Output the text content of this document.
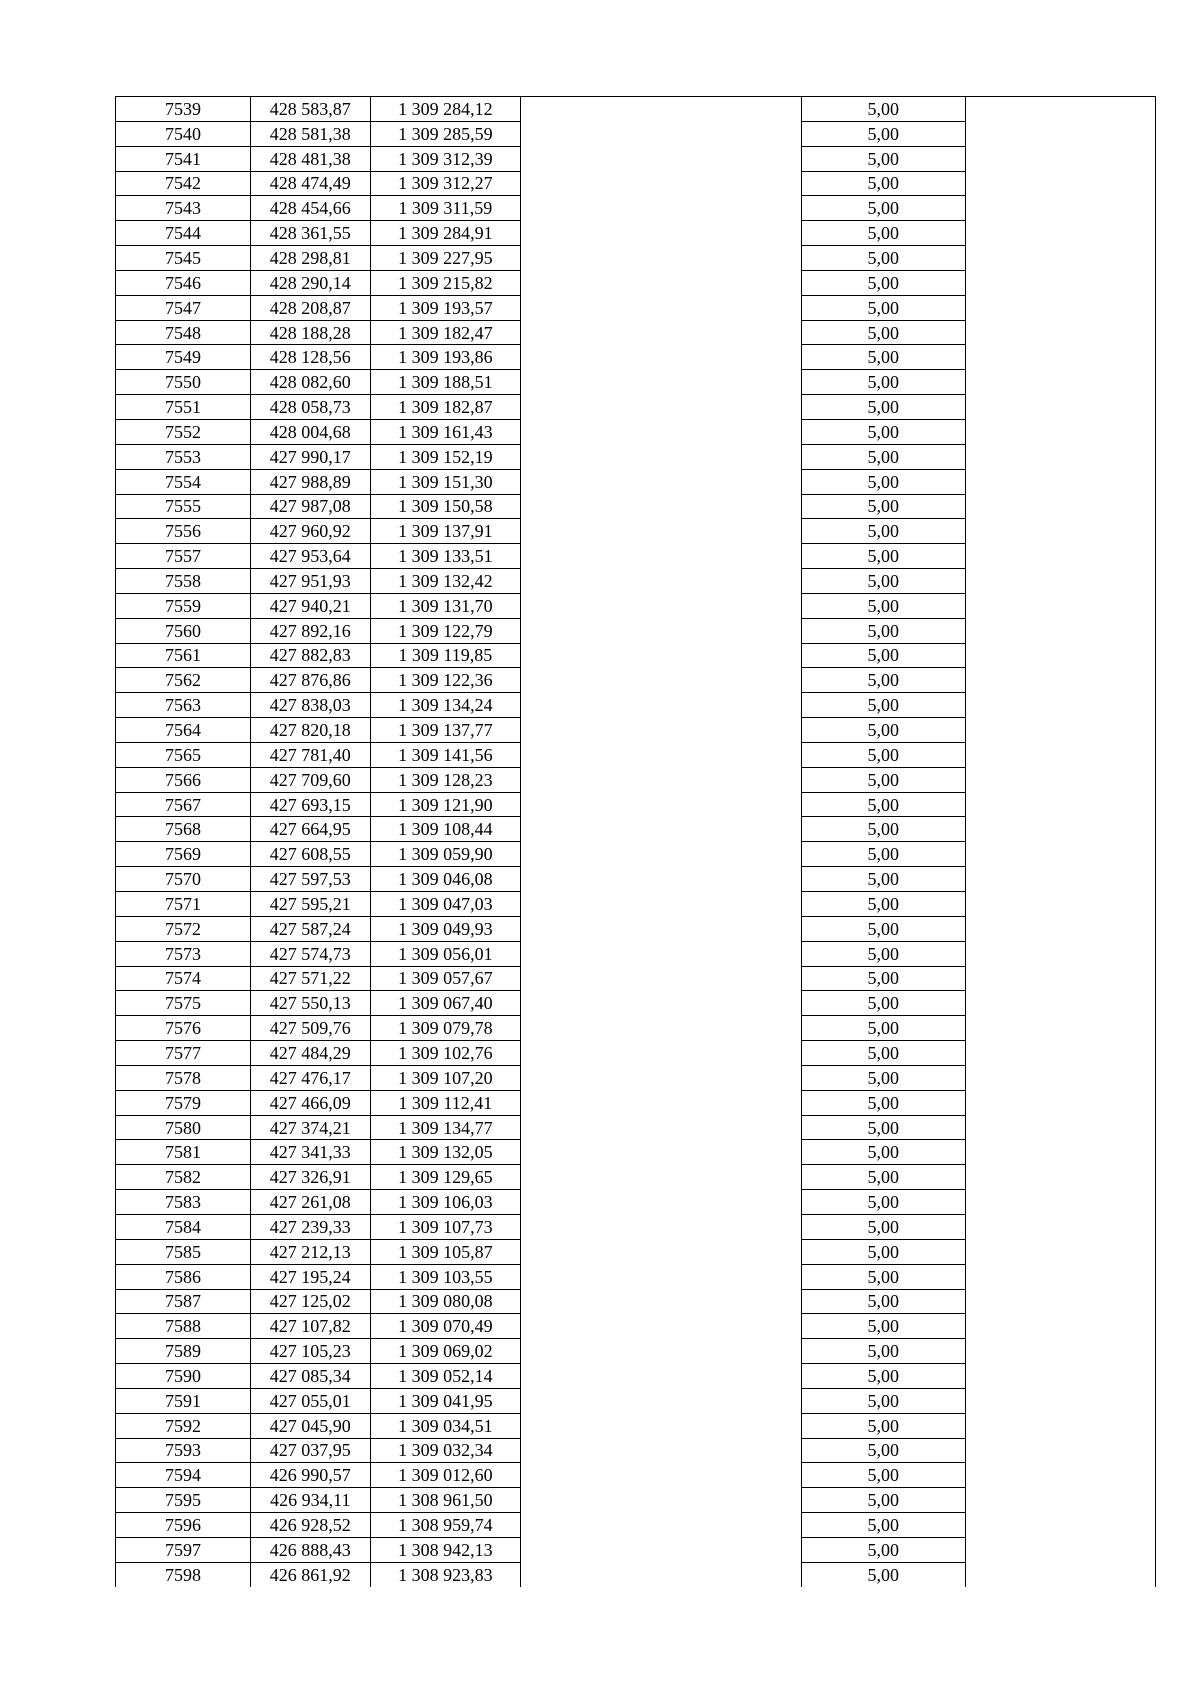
7539	428 583,87	1 309 284,12		5,00	
7540	428 581,38	1 309 285,59		5,00	
7541	428 481,38	1 309 312,39		5,00	
7542	428 474,49	1 309 312,27		5,00	
7543	428 454,66	1 309 311,59		5,00	
7544	428 361,55	1 309 284,91		5,00	
7545	428 298,81	1 309 227,95		5,00	
7546	428 290,14	1 309 215,82		5,00	
7547	428 208,87	1 309 193,57		5,00	
7548	428 188,28	1 309 182,47		5,00	
7549	428 128,56	1 309 193,86		5,00	
7550	428 082,60	1 309 188,51		5,00	
7551	428 058,73	1 309 182,87		5,00	
7552	428 004,68	1 309 161,43		5,00	
7553	427 990,17	1 309 152,19		5,00	
7554	427 988,89	1 309 151,30		5,00	
7555	427 987,08	1 309 150,58		5,00	
7556	427 960,92	1 309 137,91		5,00	
7557	427 953,64	1 309 133,51		5,00	
7558	427 951,93	1 309 132,42		5,00	
7559	427 940,21	1 309 131,70		5,00	
7560	427 892,16	1 309 122,79		5,00	
7561	427 882,83	1 309 119,85		5,00	
7562	427 876,86	1 309 122,36		5,00	
7563	427 838,03	1 309 134,24		5,00	
7564	427 820,18	1 309 137,77		5,00	
7565	427 781,40	1 309 141,56		5,00	
7566	427 709,60	1 309 128,23		5,00	
7567	427 693,15	1 309 121,90		5,00	
7568	427 664,95	1 309 108,44		5,00	
7569	427 608,55	1 309 059,90		5,00	
7570	427 597,53	1 309 046,08		5,00	
7571	427 595,21	1 309 047,03		5,00	
7572	427 587,24	1 309 049,93		5,00	
7573	427 574,73	1 309 056,01		5,00	
7574	427 571,22	1 309 057,67		5,00	
7575	427 550,13	1 309 067,40		5,00	
7576	427 509,76	1 309 079,78		5,00	
7577	427 484,29	1 309 102,76		5,00	
7578	427 476,17	1 309 107,20		5,00	
7579	427 466,09	1 309 112,41		5,00	
7580	427 374,21	1 309 134,77		5,00	
7581	427 341,33	1 309 132,05		5,00	
7582	427 326,91	1 309 129,65		5,00	
7583	427 261,08	1 309 106,03		5,00	
7584	427 239,33	1 309 107,73		5,00	
7585	427 212,13	1 309 105,87		5,00	
7586	427 195,24	1 309 103,55		5,00	
7587	427 125,02	1 309 080,08		5,00	
7588	427 107,82	1 309 070,49		5,00	
7589	427 105,23	1 309 069,02		5,00	
7590	427 085,34	1 309 052,14		5,00	
7591	427 055,01	1 309 041,95		5,00	
7592	427 045,90	1 309 034,51		5,00	
7593	427 037,95	1 309 032,34		5,00	
7594	426 990,57	1 309 012,60		5,00	
7595	426 934,11	1 308 961,50		5,00	
7596	426 928,52	1 308 959,74		5,00	
7597	426 888,43	1 308 942,13		5,00	
7598	426 861,92	1 308 923,83		5,00	
